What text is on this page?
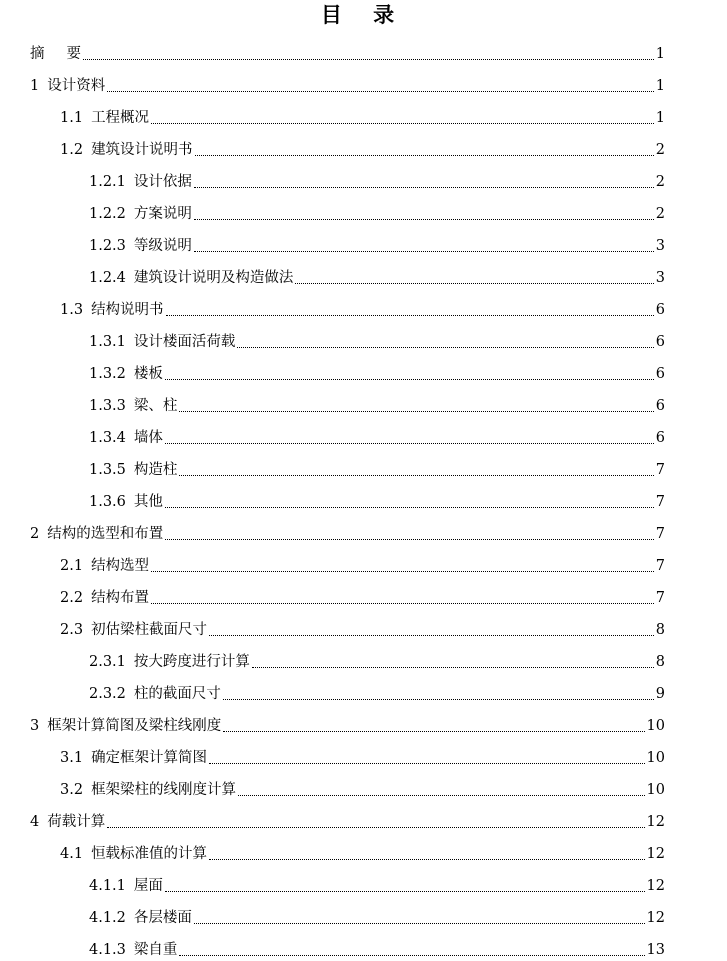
目 录
摘 要	1
1 设计资料	1
1.1 工程概况	1
1.2 建筑设计说明书	2
1.2.1 设计依据	2
1.2.2 方案说明	2
1.2.3 等级说明	3
1.2.4 建筑设计说明及构造做法	3
1.3 结构说明书	6
1.3.1 设计楼面活荷载	6
1.3.2 楼板	6
1.3.3 梁、柱	6
1.3.4 墙体	6
1.3.5 构造柱	7
1.3.6 其他	7
2 结构的选型和布置	7
2.1 结构选型	7
2.2 结构布置	7
2.3 初估梁柱截面尺寸	8
2.3.1 按大跨度进行计算	8
2.3.2 柱的截面尺寸	9
3 框架计算简图及梁柱线刚度	10
3.1 确定框架计算简图	10
3.2 框架梁柱的线刚度计算	10
4 荷载计算	12
4.1 恒载标准值的计算	12
4.1.1 屋面	12
4.1.2 各层楼面	12
4.1.3 梁自重	13
